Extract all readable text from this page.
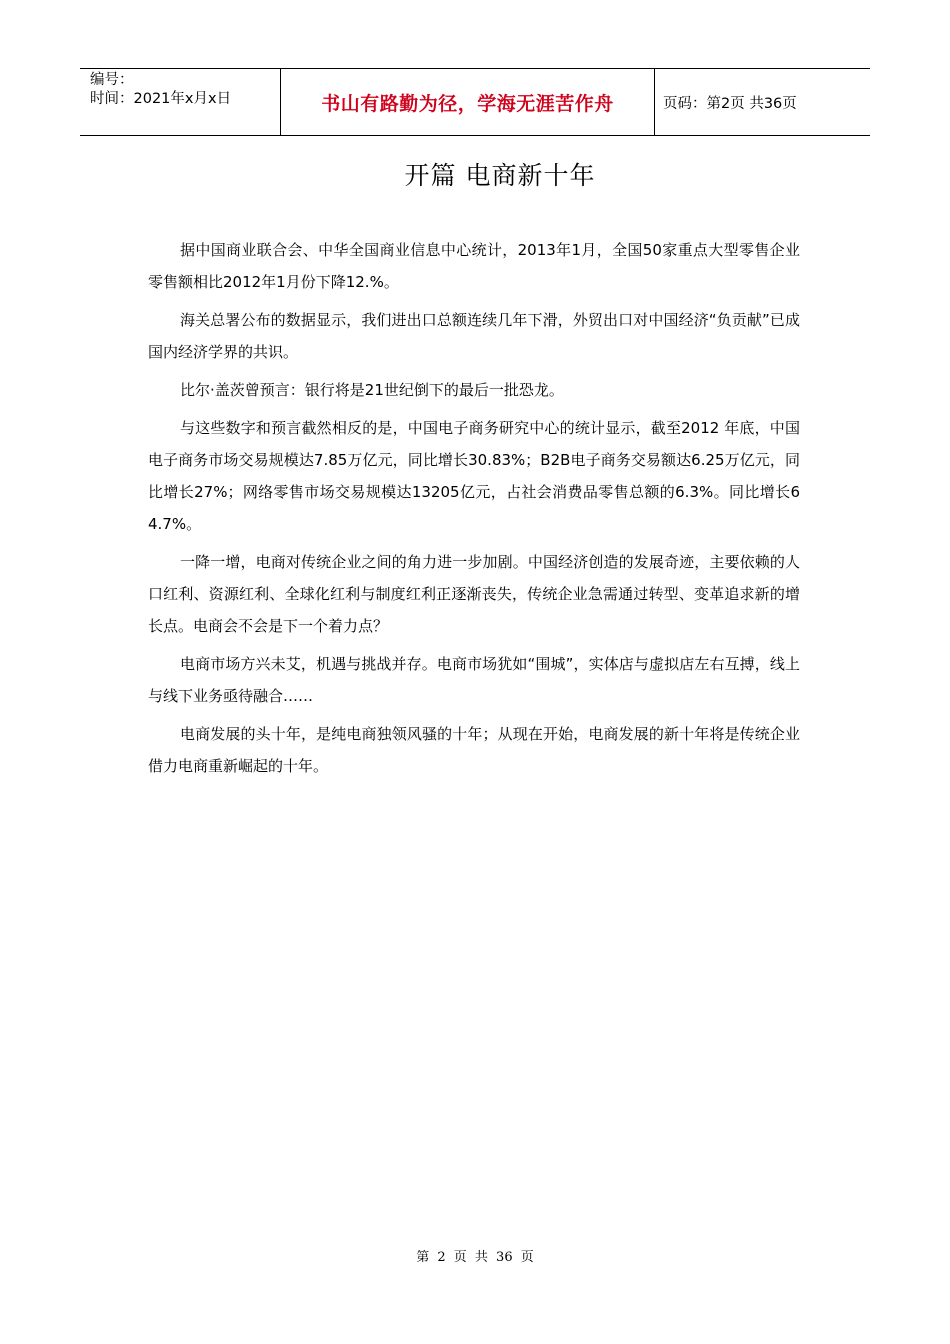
编号：
时间：2021年x月x日	书山有路勤为径，学海无涯苦作舟	页码：第2页 共36页
开篇 电商新十年

据中国商业联合会、中华全国商业信息中心统计，2013年1月，全国50家重点大型零售企业零售额相比2012年1月份下降12.%。

海关总署公布的数据显示，我们进出口总额连续几年下滑，外贸出口对中国经济“负贡献”已成国内经济学界的共识。

比尔·盖茨曾预言：银行将是21世纪倒下的最后一批恐龙。

与这些数字和预言截然相反的是，中国电子商务研究中心的统计显示，截至2012 年底，中国电子商务市场交易规模达7.85万亿元，同比增长30.83%；B2B电子商务交易额达6.25万亿元，同比增长27%；网络零售市场交易规模达13205亿元，占社会消费品零售总额的6.3%。同比增长64.7%。

一降一增，电商对传统企业之间的角力进一步加剧。中国经济创造的发展奇迹，主要依赖的人口红利、资源红利、全球化红利与制度红利正逐渐丧失，传统企业急需通过转型、变革追求新的增长点。电商会不会是下一个着力点？

电商市场方兴未艾，机遇与挑战并存。电商市场犹如“围城”，实体店与虚拟店左右互搏，线上与线下业务亟待融合……

电商发展的头十年，是纯电商独领风骚的十年；从现在开始，电商发展的新十年将是传统企业借力电商重新崛起的十年。

第 2 页 共 36 页
